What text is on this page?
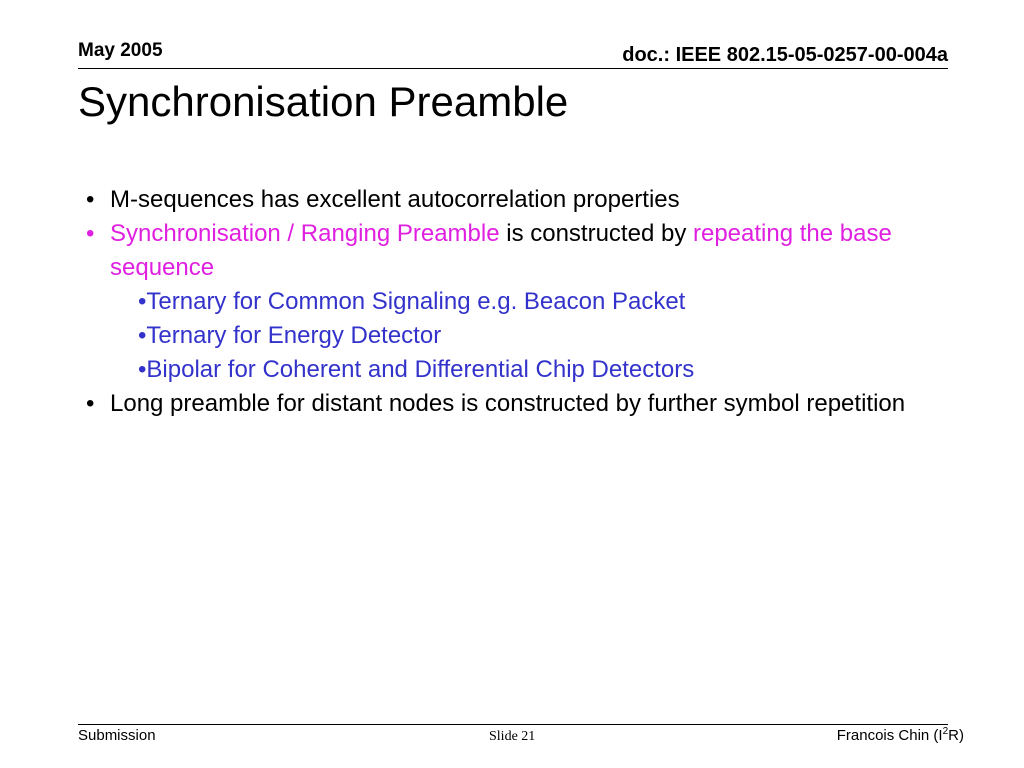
May 2005	doc.: IEEE 802.15-05-0257-00-004a
Synchronisation Preamble
• M-sequences has excellent autocorrelation properties
• Synchronisation / Ranging Preamble is constructed by repeating the base sequence
•Ternary for Common Signaling e.g. Beacon Packet
•Ternary for Energy Detector
•Bipolar for Coherent and Differential Chip Detectors
• Long preamble for distant nodes is constructed by further symbol repetition
Submission	Slide 21	Francois Chin $(I^2R)$
